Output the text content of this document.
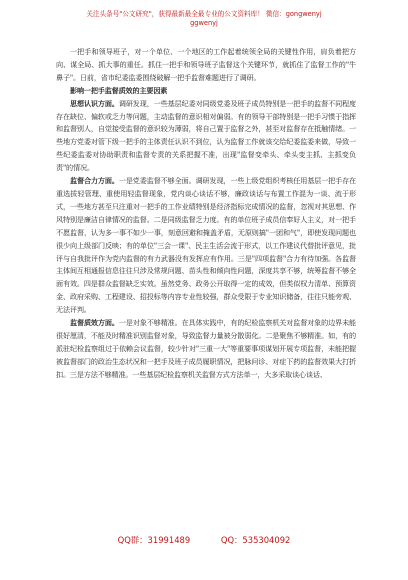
关注头条号"公文研究"，获得最新最全最专业的公文资料库！ 微信：gongwenyj
ggwenyj

一把手和领导班子，对一个单位、一个地区的工作起着统领全局的关键性作用，肩负着把方向、谋全局、抓大事的重任。抓住一把手和领导班子监督这个关键环节，就抓住了监督工作的"牛鼻子"。日前，省市纪委监委围绕破解一把手监督难题进行了调研。

影响一把手监督质效的主要因素

思想认识方面。调研发现，一些基层纪委对同级党委及班子成员特别是一把手的监督不同程度存在缺位、偏软或乏力等问题，主动监督的意识相对偏弱。有的领导干部特别是一把手习惯于指挥和监督别人，自觉接受监督的意识较为薄弱，将自己置于监督之外，甚至对监督存在抵触情绪。一些地方党委对管下级一把手的主体责任认识不到位，认为监督工作就该交给纪委监委来做，导致一些纪委监委对协助职责和监督专责的关系把握不准，出现"监督变牵头、牵头变主抓、主抓变负责"的情况。

监督合力方面。一是党委监督不够全面。调研发现，一些上级党组织考核任用基层一把手存在重选拔轻管理、重使用轻监督现象，党内谈心谈话不够，廉政谈话与布置工作混为一谈、流于形式，一些地方甚至只注重对一把手的工作业绩特别是经济指标完成情况的监督，忽视对其思想、作风特别是廉洁自律情况的监督。二是同级监督乏力度。有的单位班子成员信奉好人主义，对一把手不愿监督，认为多一事不如少一事，刻意回避和掩盖矛盾，无原则搞"一团和气"，即使发现问题也很少向上级部门反映；有的单位"三会一课"、民主生活会流于形式，以工作建议代替批评意见，批评与自我批评作为党内监督的有力武器没有发挥应有作用。三是"四项监督"合力有待加强。各监督主体间互相通报信息往往只涉及常规问题、苗头性和倾向性问题，深度共享不够，统筹监督不够全面有效。四是群众监督缺乏实效。虽然党务、政务公开取得一定的成效，但类似权力清单、预算资金、政府采购、工程建设、招投标等内容专业性较强，群众受限于专业知识储备，往往只能旁观、无法评判。

监督质效方面。一是对象不够精准。在具体实践中，有的纪检监察机关对监督对象的边界未能很好厘清，不能及时精准识别监督对象，导致监督力量被分散弱化。二是聚焦不够精准。如，有的派驻纪检监察组过于依赖会议监督，较少针对"三重一大"等重要事项谋划开展专项监督，未能把握被监督部门的政治生态状况和一把手及班子成员履职情况，把脉问诊、对症下药的监督效果大打折扣。三是方法不够精准。一些基层纪检监察机关监督方式方法单一，大多采取谈心谈话、

QQ群：31991489	QQ：535304092
